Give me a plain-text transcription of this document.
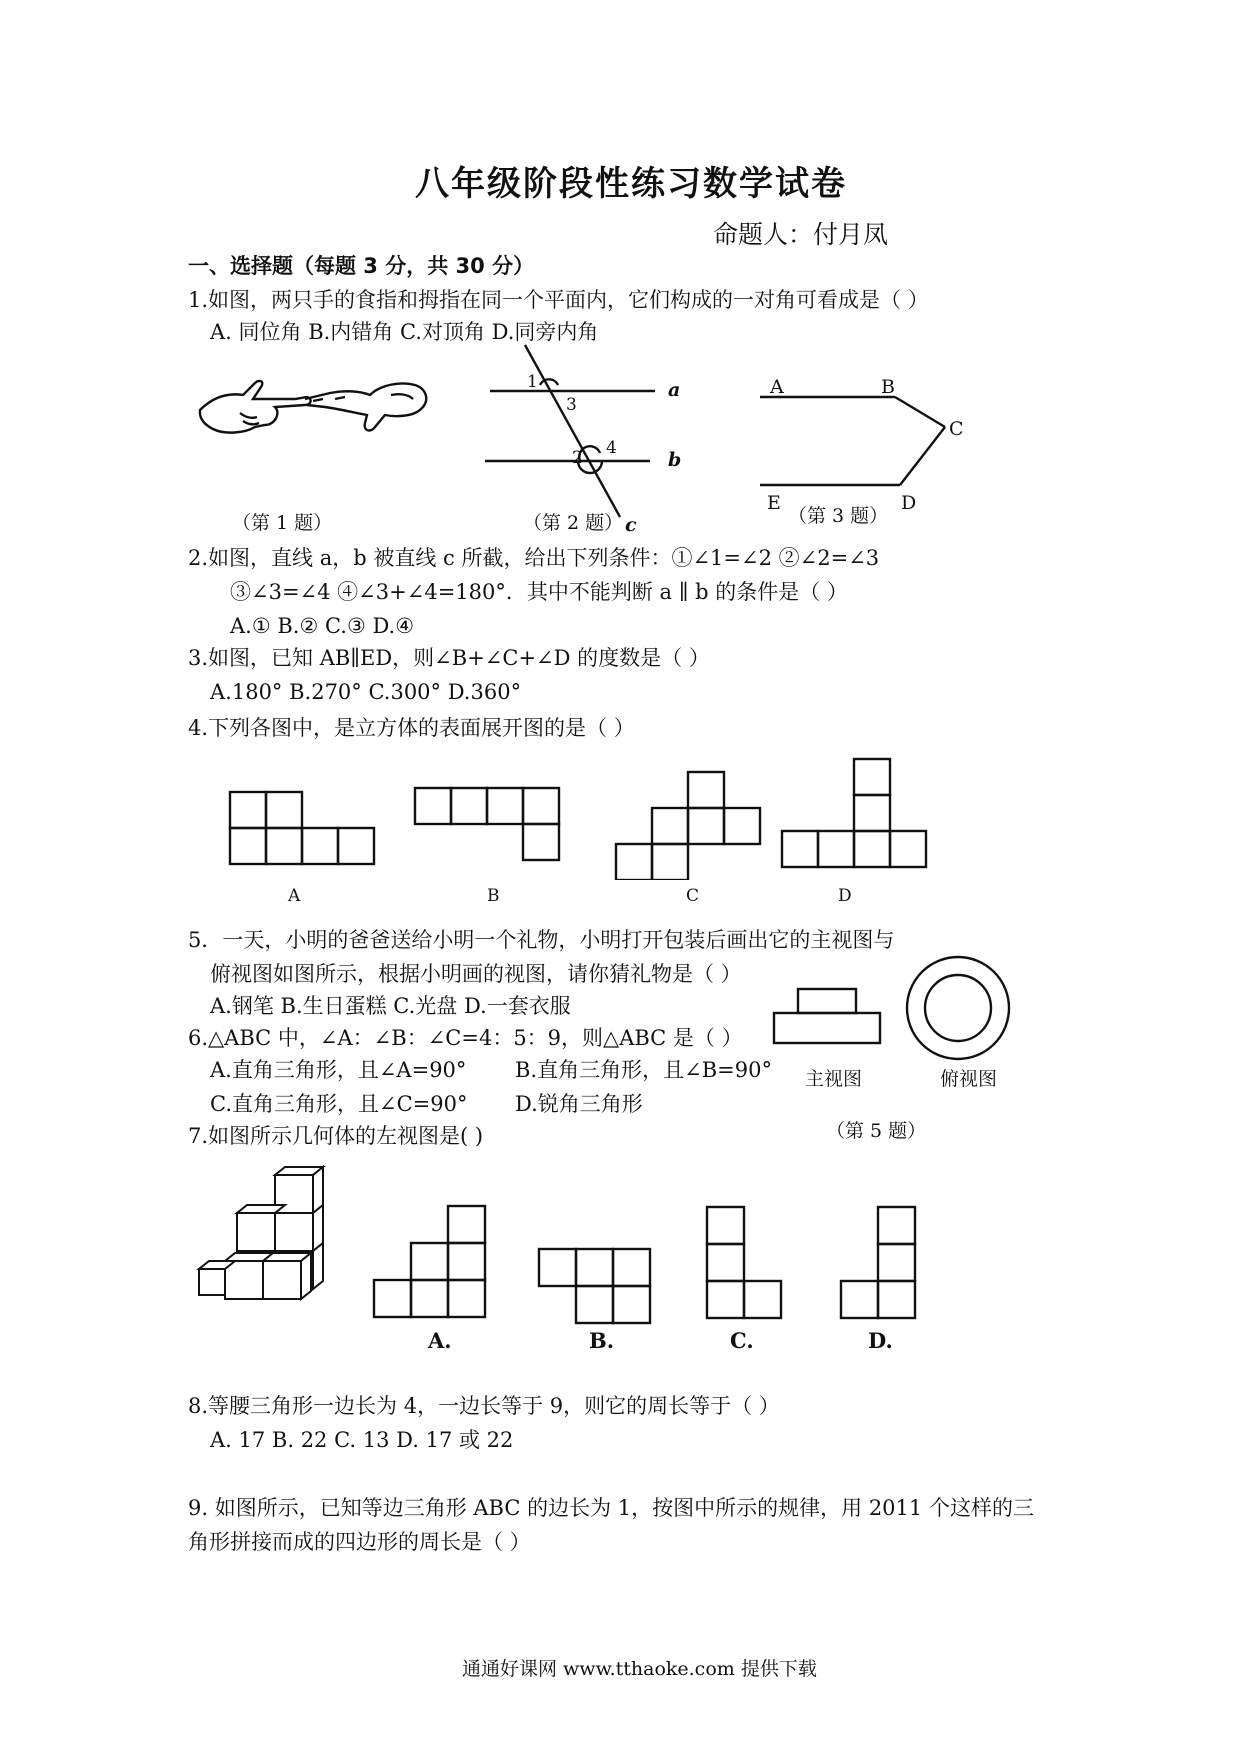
八年级阶段性练习数学试卷
命题人：付月凤
一、选择题（每题 3 分，共 30 分）
1.如图，两只手的食指和拇指在同一个平面内，它们构成的一对角可看成是（ ）
A. 同位角 B.内错角 C.对顶角 D.同旁内角
（第 1 题）
1
3
2 4
a
b
c
（第 2 题）
A	B
C
D
E
（第 3 题）
2.如图，直线 a，b 被直线 c 所截，给出下列条件：①∠1=∠2 ②∠2=∠3
③∠3=∠4 ④∠3+∠4=180°．其中不能判断 a ∥ b 的条件是（ ）
A.① B.② C.③ D.④
3.如图，已知 AB∥ED，则∠B+∠C+∠D 的度数是（ ）
A.180° B.270° C.300° D.360°
4.下列各图中，是立方体的表面展开图的是（ ）
A	B	C	D
5．一天，小明的爸爸送给小明一个礼物，小明打开包装后画出它的主视图与
俯视图如图所示，根据小明画的视图，请你猜礼物是（ ）
A.钢笔 B.生日蛋糕 C.光盘 D.一套衣服
主视图	俯视图
（第 5 题）
6.△ABC 中，∠A：∠B：∠C=4：5：9，则△ABC 是（ ）
A.直角三角形，且∠A=90° B.直角三角形，且∠B=90°
C.直角三角形，且∠C=90° D.锐角三角形
7.如图所示几何体的左视图是( )
A.	B.	C.	D.
8.等腰三角形一边长为 4，一边长等于 9，则它的周长等于（ ）
A. 17 B. 22 C. 13 D. 17 或 22
9. 如图所示，已知等边三角形 ABC 的边长为 1，按图中所示的规律，用 2011 个这样的三
角形拼接而成的四边形的周长是（ ）
通通好课网 www.tthaoke.com 提供下载
